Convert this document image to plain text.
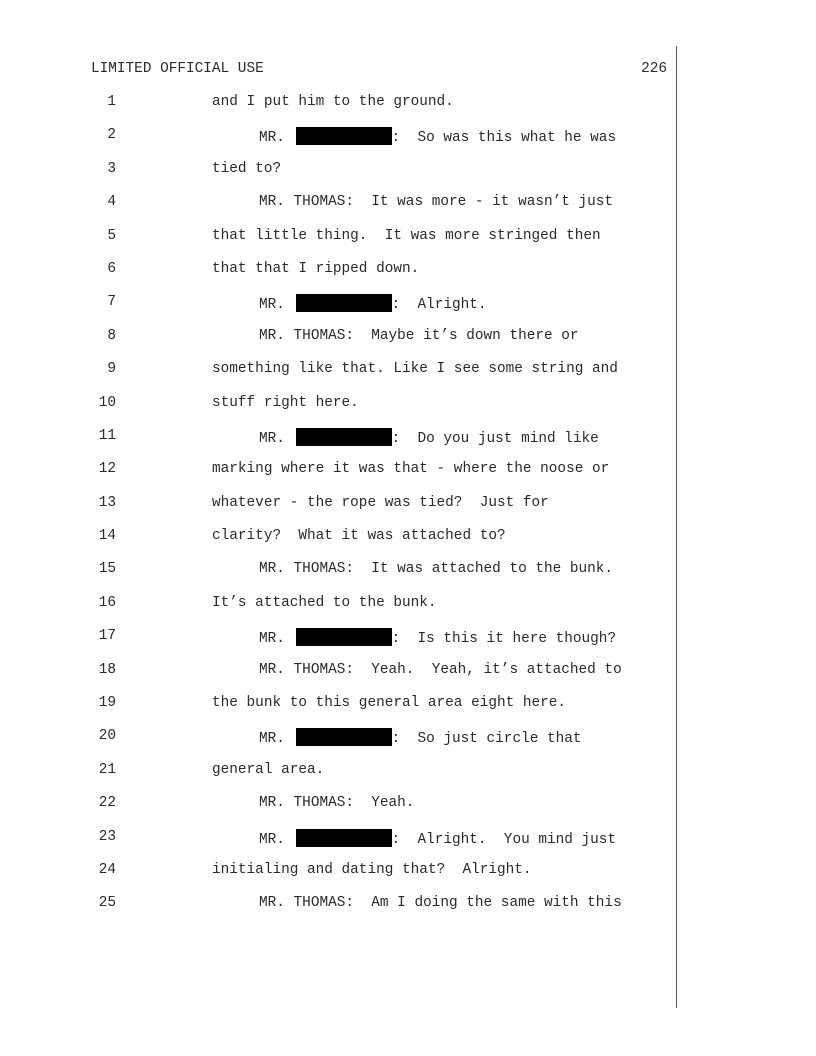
LIMITED OFFICIAL USE	226
1	and I put him to the ground.
2	MR.	:  So was this what he was
3	tied to?
4	MR. THOMAS:  It was more - it wasn’t just
5	that little thing.  It was more stringed then
6	that that I ripped down.
7	MR.	:  Alright.
8	MR. THOMAS:  Maybe it’s down there or
9	something like that. Like I see some string and
10	stuff right here.
11	MR.	:  Do you just mind like
12	marking where it was that - where the noose or
13	whatever - the rope was tied?  Just for
14	clarity?  What it was attached to?
15	MR. THOMAS:  It was attached to the bunk.
16	It’s attached to the bunk.
17	MR.	:  Is this it here though?
18	MR. THOMAS:  Yeah.  Yeah, it’s attached to
19	the bunk to this general area eight here.
20	MR.	:  So just circle that
21	general area.
22	MR. THOMAS:  Yeah.
23	MR.	:  Alright.  You mind just
24	initialing and dating that?  Alright.
25	MR. THOMAS:  Am I doing the same with this
